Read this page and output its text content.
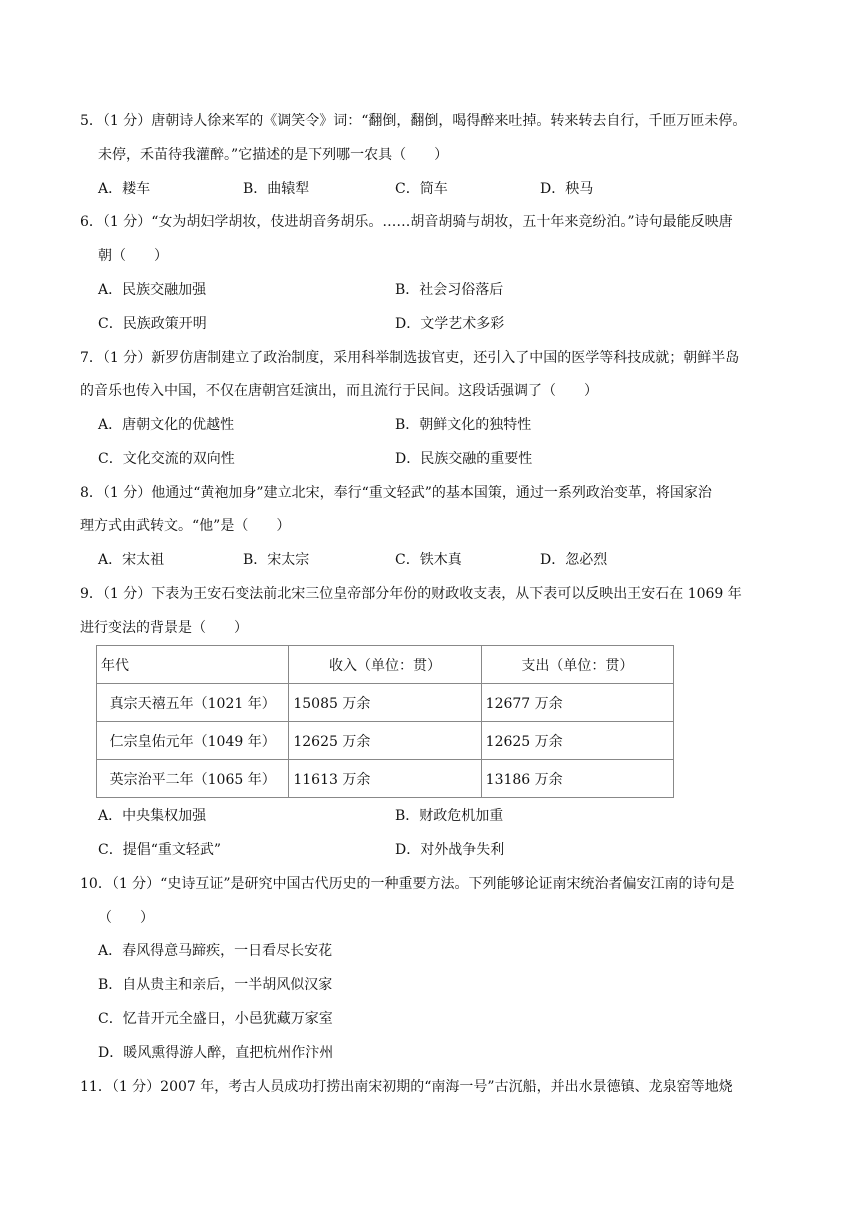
5．（1 分）唐朝诗人徐来军的《调笑令》词：“翻倒，翻倒，喝得醉来吐掉。转来转去自行，千匝万匝未停。
未停，禾苗待我灌醉。”它描述的是下列哪一农具（　　）
A．耧车	B．曲辕犁	C．筒车	D．秧马
6．（1 分）“女为胡妇学胡妆，伎进胡音务胡乐。……胡音胡骑与胡妆，五十年来竞纷泊。”诗句最能反映唐
朝（　　）
A．民族交融加强	B．社会习俗落后
C．民族政策开明	D．文学艺术多彩
7．（1 分）新罗仿唐制建立了政治制度，采用科举制选拔官吏，还引入了中国的医学等科技成就；朝鲜半岛
的音乐也传入中国，不仅在唐朝宫廷演出，而且流行于民间。这段话强调了（　　）
A．唐朝文化的优越性	B．朝鲜文化的独特性
C．文化交流的双向性	D．民族交融的重要性
8．（1 分）他通过“黄袍加身”建立北宋，奉行“重文轻武”的基本国策，通过一系列政治变革，将国家治
理方式由武转文。“他”是（　　）
A．宋太祖	B．宋太宗	C．铁木真	D．忽必烈
9．（1 分）下表为王安石变法前北宋三位皇帝部分年份的财政收支表，从下表可以反映出王安石在 1069 年
进行变法的背景是（　　）
年代	收入（单位：贯）	支出（单位：贯）
真宗天禧五年（1021 年）	15085 万余	12677 万余
仁宗皇佑元年（1049 年）	12625 万余	12625 万余
英宗治平二年（1065 年）	11613 万余	13186 万余
A．中央集权加强	B．财政危机加重
C．提倡“重文轻武”	D．对外战争失利
10．（1 分）“史诗互证”是研究中国古代历史的一种重要方法。下列能够论证南宋统治者偏安江南的诗句是
（　　）
A．春风得意马蹄疾，一日看尽长安花
B．自从贵主和亲后，一半胡风似汉家
C．忆昔开元全盛日，小邑犹藏万家室
D．暖风熏得游人醉，直把杭州作汴州
11．（1 分）2007 年，考古人员成功打捞出南宋初期的“南海一号”古沉船，并出水景德镇、龙泉窑等地烧
